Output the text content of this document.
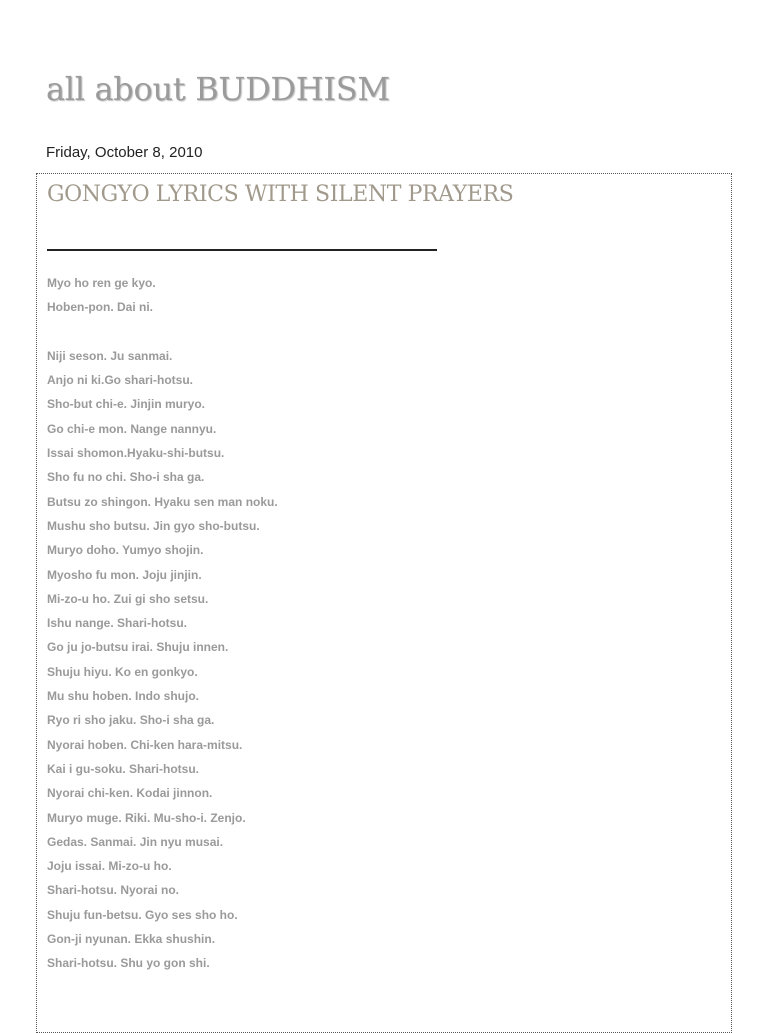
all about BUDDHISM
Friday, October 8, 2010
GONGYO LYRICS WITH SILENT PRAYERS
Myo ho ren ge kyo.
Hoben-pon. Dai ni.
Niji seson. Ju sanmai.
Anjo ni ki.Go shari-hotsu.
Sho-but chi-e. Jinjin muryo.
Go chi-e mon. Nange nannyu.
Issai shomon.Hyaku-shi-butsu.
Sho fu no chi. Sho-i sha ga.
Butsu zo shingon. Hyaku sen man noku.
Mushu sho butsu. Jin gyo sho-butsu.
Muryo doho. Yumyo shojin.
Myosho fu mon. Joju jinjin.
Mi-zo-u ho. Zui gi sho setsu.
Ishu nange. Shari-hotsu.
Go ju jo-butsu irai. Shuju innen.
Shuju hiyu. Ko en gonkyo.
Mu shu hoben. Indo shujo.
Ryo ri sho jaku. Sho-i sha ga.
Nyorai hoben. Chi-ken hara-mitsu.
Kai i gu-soku. Shari-hotsu.
Nyorai chi-ken. Kodai jinnon.
Muryo muge. Riki. Mu-sho-i. Zenjo.
Gedas. Sanmai. Jin nyu musai.
Joju issai. Mi-zo-u ho.
Shari-hotsu. Nyorai no.
Shuju fun-betsu. Gyo ses sho ho.
Gon-ji nyunan. Ekka shushin.
Shari-hotsu. Shu yo gon shi.
